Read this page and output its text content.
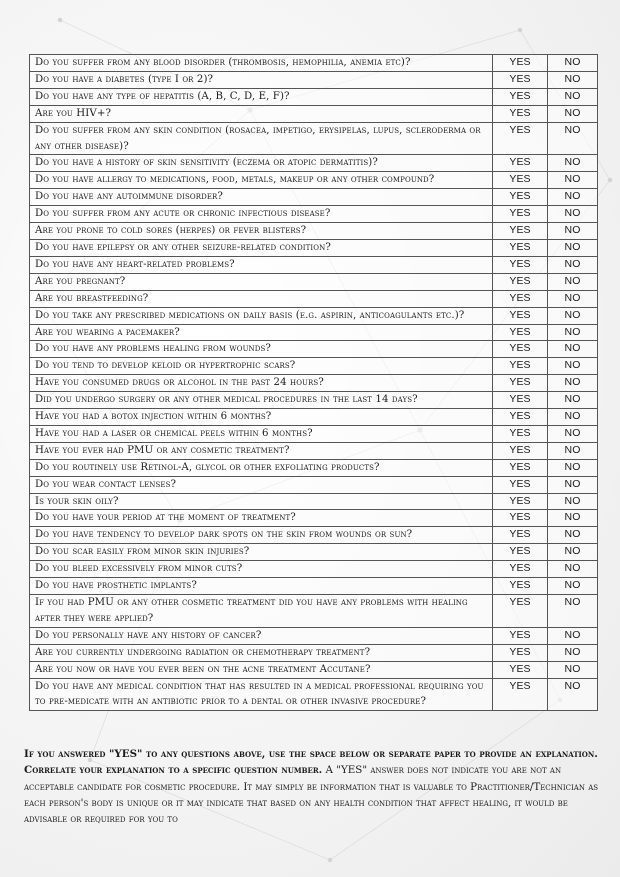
Do you suffer from any blood disorder (thrombosis, hemophilia, anemia etc)?	YES	NO
Do you have a diabetes (type I or 2)?	YES	NO
Do you have any type of hepatitis (A, B, C, D, E, F)?	YES	NO
Are you HIV+?	YES	NO
Do you suffer from any skin condition (rosacea, impetigo, erysipelas, lupus, scleroderma or any other disease)?	YES	NO
Do you have a history of skin sensitivity (eczema or atopic dermatitis)?	YES	NO
Do you have allergy to medications, food, metals, makeup or any other compound?	YES	NO
Do you have any autoimmune disorder?	YES	NO
Do you suffer from any acute or chronic infectious disease?	YES	NO
Are you prone to cold sores (herpes) or fever blisters?	YES	NO
Do you have epilepsy or any other seizure-related condition?	YES	NO
Do you have any heart-related problems?	YES	NO
Are you pregnant?	YES	NO
Are you breastfeeding?	YES	NO
Do you take any prescribed medications on daily basis (e.g. aspirin, anticoagulants etc.)?	YES	NO
Are you wearing a pacemaker?	YES	NO
Do you have any problems healing from wounds?	YES	NO
Do you tend to develop keloid or hypertrophic scars?	YES	NO
Have you consumed drugs or alcohol in the past 24 hours?	YES	NO
Did you undergo surgery or any other medical procedures in the last 14 days?	YES	NO
Have you had a botox injection within 6 months?	YES	NO
Have you had a laser or chemical peels within 6 months?	YES	NO
Have you ever had PMU or any cosmetic treatment?	YES	NO
Do you routinely use Retinol-A, glycol or other exfoliating products?	YES	NO
Do you wear contact lenses?	YES	NO
Is your skin oily?	YES	NO
Do you have your period at the moment of treatment?	YES	NO
Do you have tendency to develop dark spots on the skin from wounds or sun?	YES	NO
Do you scar easily from minor skin injuries?	YES	NO
Do you bleed excessively from minor cuts?	YES	NO
Do you have prosthetic implants?	YES	NO
If you had PMU or any other cosmetic treatment did you have any problems with healing after they were applied?	YES	NO
Do you personally have any history of cancer?	YES	NO
Are you currently undergoing radiation or chemotherapy treatment?	YES	NO
Are you now or have you ever been on the acne treatment Accutane?	YES	NO
Do you have any medical condition that has resulted in a medical professional requiring you to pre-medicate with an antibiotic prior to a dental or other invasive procedure?	YES	NO
If you answered "YES" to any questions above, use the space below or separate paper to provide an explanation. Correlate your explanation to a specific question number. A "YES" answer does not indicate you are not an acceptable candidate for cosmetic procedure. It may simply be information that is valuable to Practitioner/Technician as each person's body is unique or it may indicate that based on any health condition that affect healing, it would be advisable or required for you to
